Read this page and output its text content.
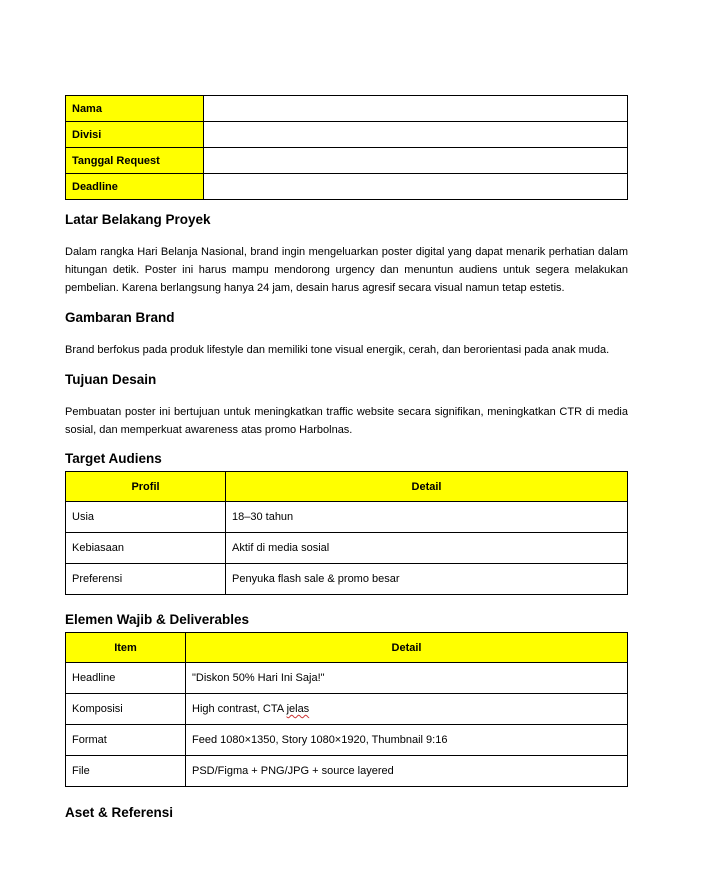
Nama	
Divisi	
Tanggal Request	
Deadline	
Latar Belakang Proyek

Dalam rangka Hari Belanja Nasional, brand ingin mengeluarkan poster digital yang dapat menarik perhatian dalam hitungan detik. Poster ini harus mampu mendorong urgency dan menuntun audiens untuk segera melakukan pembelian. Karena berlangsung hanya 24 jam, desain harus agresif secara visual namun tetap estetis.

Gambaran Brand

Brand berfokus pada produk lifestyle dan memiliki tone visual energik, cerah, dan berorientasi pada anak muda.

Tujuan Desain

Pembuatan poster ini bertujuan untuk meningkatkan traffic website secara signifikan, meningkatkan CTR di media sosial, dan memperkuat awareness atas promo Harbolnas.

Target Audiens
Profil	Detail
Usia	18–30 tahun
Kebiasaan	Aktif di media sosial
Preferensi	Penyuka flash sale & promo besar
Elemen Wajib & Deliverables
Item	Detail
Headline	"Diskon 50% Hari Ini Saja!"
Komposisi	High contrast, CTA jelas
Format	Feed 1080×1350, Story 1080×1920, Thumbnail 9:16
File	PSD/Figma + PNG/JPG + source layered
Aset & Referensi
